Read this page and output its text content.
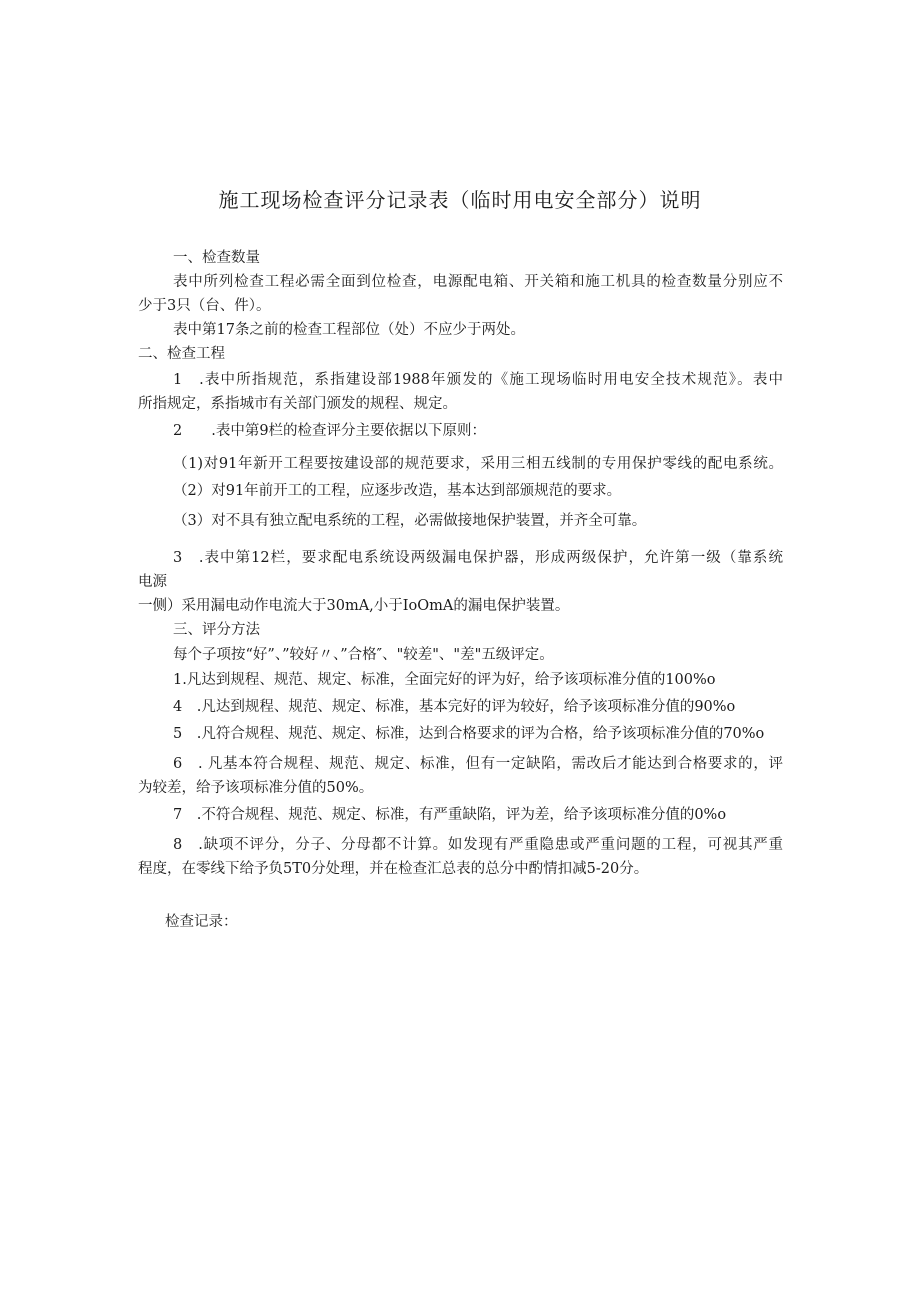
施工现场检查评分记录表（临时用电安全部分）说明

一、检查数量

表中所列检查工程必需全面到位检查，电源配电箱、开关箱和施工机具的检查数量分别应不

少于3只（台、件）。

表中第17条之前的检查工程部位（处）不应少于两处。

二、检查工程

1　.表中所指规范，系指建设部1988年颁发的《施工现场临时用电安全技术规范》。表中

所指规定，系指城市有关部门颁发的规程、规定。

2　　.表中第9栏的检查评分主要依据以下原则：

（1)对91年新开工程要按建设部的规范要求，采用三相五线制的专用保护零线的配电系统。

（2）对91年前开工的工程，应逐步改造，基本达到部颁规范的要求。

（3）对不具有独立配电系统的工程，必需做接地保护装置，并齐全可靠。

3　.表中第12栏，要求配电系统设两级漏电保护器，形成两级保护，允许第一级（靠系统

电源

一侧）采用漏电动作电流大于30mA,小于IoOmA的漏电保护装置。

三、评分方法

每个子项按“好”、”较好〃、”合格″、"较差"、"差"五级评定。

1.凡达到规程、规范、规定、标准，全面完好的评为好，给予该项标准分值的100%o

4　.凡达到规程、规范、规定、标准，基本完好的评为较好，给予该项标准分值的90%o

5　.凡符合规程、规范、规定、标准，达到合格要求的评为合格，给予该项标准分值的70%o

6　. 凡基本符合规程、规范、规定、标准，但有一定缺陷，需改后才能达到合格要求的，评

为较差，给予该项标准分值的50%。

7　.不符合规程、规范、规定、标准，有严重缺陷，评为差，给予该项标准分值的0%o

8　.缺项不评分，分子、分母都不计算。如发现有严重隐患或严重问题的工程，可视其严重

程度，在零线下给予负5T0分处理，并在检查汇总表的总分中酌情扣减5-20分。

检查记录：
